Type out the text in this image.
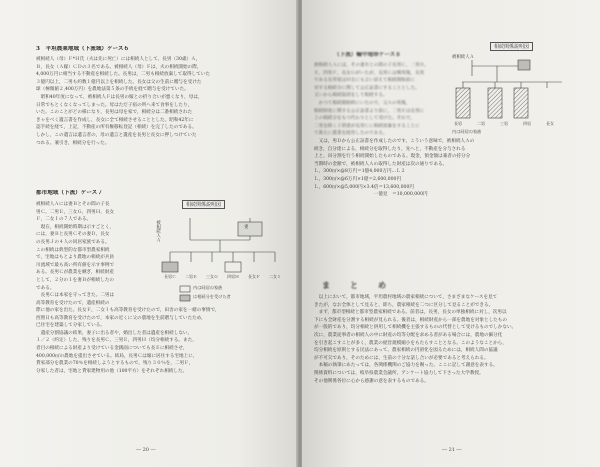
3　平坦農業地域（下流域）ケース６
被相続人（母）Ｆ*Ｈ氏（夫は先に死亡）には相続人として、長男（30歳）Ａ，
Ｂ，長女（Ａ嫁）ＣＤの３名である。被相続人（母）Ｆは，夫の相続開始の際，
4,000万円に相当する不動産を相続した。長男は，二男も相続放棄して取得していた
３億円以上，二男も約数１億円以上を相続した。長女は父の生前に贈与を受けた
球（極微値２,400万円）を農地法第５条の手続を経て贈与を受けていた。
　昭和40年度になって，被相続人Ｆは長男の嫁との折り合いが悪くなり，母は，
日常でもとくなくなってしまった。母はただ子宿の所へ来て食事をしたり，
いた。このことがどの様になり，長男は母を家で，相続分は二番相続された
きゃをべく遺言書を作成し，長女に全て相続させることとした。昭和42年に
認手続を経て，上記，不動産の所有権移転登記（相続）を完了したのである。
しかし，この遺言は遺言者の，母の遺言と遺産を長男と長女に押しつけていた
つれる。兼引き，相続分を行った。
都市地域（下流）ケース７
被相続人Ａには妻Ｂとその間の子長
男Ｃ，二男Ｅ，三女Ｇ，四男Ｈ，長女
Ｆ，二女Ｉの７人である。
　現在，相続開始時期は示すごとく，
には，妻Ｂと長男Ｃその妻Ｄ，長女
の長男Ｊの４人の同居家族である。
この相続は典型的な都市型農家相続
で，宅地はもとより農地の相続が兵員
川流域で最も高い所有値を示す事例で
ある。長男Ｃが農業を継ぎ，相続財産
として，２分の１を妻Ｂが相続したの
である。
　長男Ｃは本家を守ってきた。二男は
高等教育を受けたので，遺産相続の
際に他の家を出た。長女Ｆ，二女Ｉも高等教育を受けたので，田舎の家を一緒の事情で，
西照日も高等教育を受けたので，本家の近くに父の農地を生前贈与していたため，
已住宅を建築して分家している。
　遺産分割協議の結果，妻子に出る者や，婚出した者は遺産を相続しない。
１／２（約定）した，残りを長男Ｃ，三男Ｅ，四男Ｈ（均分相続する。また，
者目の相続による財産より受けている金銭面についても長Ｅに相続させ，
400,000㎡の農地を提出させている。結局，長男Ｃは嫁に居住する宅地上に，
貸家部分を農業の70％を相続しようとするもので，残り３０％を，二男Ｆ，
分家した者は，宅地と貸家建物用の他（100平方）をそれぞれ相続した。
相続関係説明図
被相続人Ａ	妻
長男Ｃ 二男Ｅ 三女Ｇ 四男Ｈ 長女Ｆ 二女Ｉ
内は同居の家族
は相続分を受けた者
― 20 ―
（下流）輪中地帯ケース８
被相続人Ａには，その妻Ｂとの間の子長男Ｃ，二男Ｄ，
Ｅ，四男Ｆ，長女Ｇがいたが，長男Ｃは戦死後，長男
である長男家はＨ女にも言い添えて相続開始前に
対する相続分に関して公正証書にすることとした。
又いから相続取消をして相続する。
　かつて相続開始時にいたので，父Ａの死後，
相続財産に関する公正証書より前に，二男Ｅは長男に
上の相続分をもつ代わりとして受けた。それで，
二男を除く子供達が長男Ｃに相続放棄をすることに
て新たに農業を経営したのである。
　又は，男Ｄから公正証書を作成したのです。こういう意味で，被相続人Ａの
続き，自分達による，相続分を取得したり，先へと，不動産を分与される
上と，田分割を行う相続開始したものである。現金，預金額は兼者の持分分
当期時の金額で，被相続人Ａの取得した財産は次の通りである。
Ｌ，300㎡×@8万円＝1億4,000万円…Ｌ２
Ｌ，300㎡×@6万円×1億＝2,600,000円
Ｌ，600㎡×@5,000円×3.4倍＝13,600,000円
　　　　　　　　　　　　　一億見　＝10,000,000円
ま　と　め
　以上において，都市地域，平坦農村地域の農家相続について，さまざまなケースを見て
きたが，なお全体として見ると，即ち，農家相続を二つに区分して見ることができる。
　まず，都市型相続と都市型農家相続である。前者は，長男，長女の単独相続に対し，次男以
下にも全財産を分割する相続が見られる。後者は，相続財産から一部を農地を対象としたもの
が一般的であり，均分相続と併用して相続機を主張するものの代替として受けるものでしかない。
次に，農業従事者の相続人の中に財産の均等分配を求める者がある場合には，農地の細分化
を引き起こすことが多く，農業の経営規模縮小をもたらすこととなる。このようなことから，
均分相続を原則とする民法にあって，農家相続の円滑化を図るためには，相続人間の協議
が不可欠であり，そのためには，生前の十分な話し合いが必要であると考えられる。
　本稿の執筆にあたっては，各関係機関のご協力を賜った。ここに記して謝意を表する。
関係資料については，岐阜県農業会議所，アンケート協力して下さった大学教授。
その他関係各位に心から感謝の意を表するものである。
相続関係説明図
被相続人Ａ
長男	二男	三男	四男	長女
内は同居の家族
― 21 ―
